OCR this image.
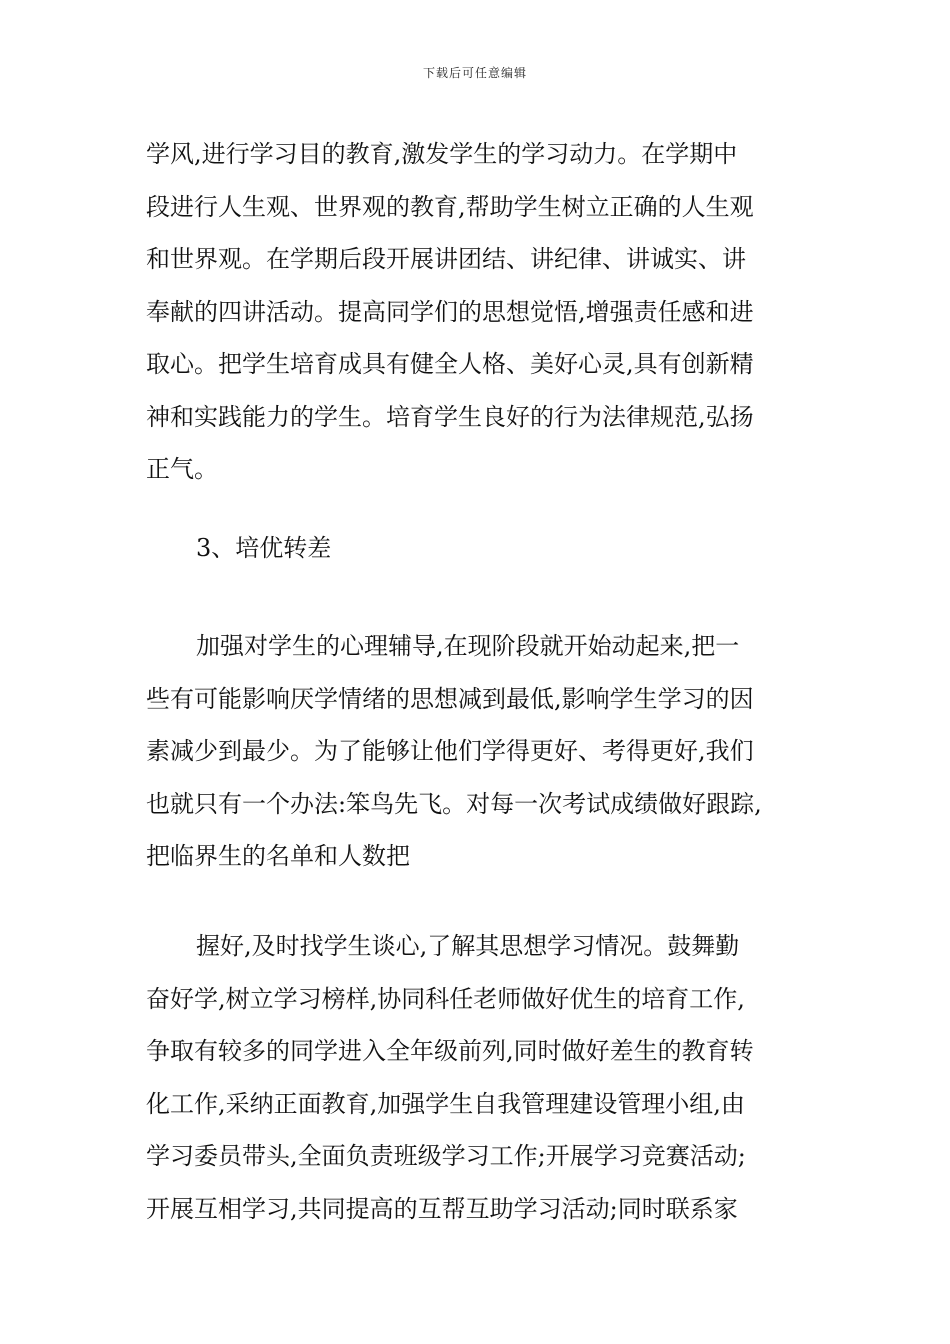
下载后可任意编辑
学风,进行学习目的教育,激发学生的学习动力。在学期中
段进行人生观、世界观的教育,帮助学生树立正确的人生观
和世界观。在学期后段开展讲团结、讲纪律、讲诚实、讲
奉献的四讲活动。提高同学们的思想觉悟,增强责任感和进
取心。把学生培育成具有健全人格、美好心灵,具有创新精
神和实践能力的学生。培育学生良好的行为法律规范,弘扬
正气。
3、培优转差
加强对学生的心理辅导,在现阶段就开始动起来,把一
些有可能影响厌学情绪的思想减到最低,影响学生学习的因
素减少到最少。为了能够让他们学得更好、考得更好,我们
也就只有一个办法:笨鸟先飞。对每一次考试成绩做好跟踪,
把临界生的名单和人数把
握好,及时找学生谈心,了解其思想学习情况。鼓舞勤
奋好学,树立学习榜样,协同科任老师做好优生的培育工作,
争取有较多的同学进入全年级前列,同时做好差生的教育转
化工作,采纳正面教育,加强学生自我管理建设管理小组,由
学习委员带头,全面负责班级学习工作;开展学习竞赛活动;
开展互相学习,共同提高的互帮互助学习活动;同时联系家
